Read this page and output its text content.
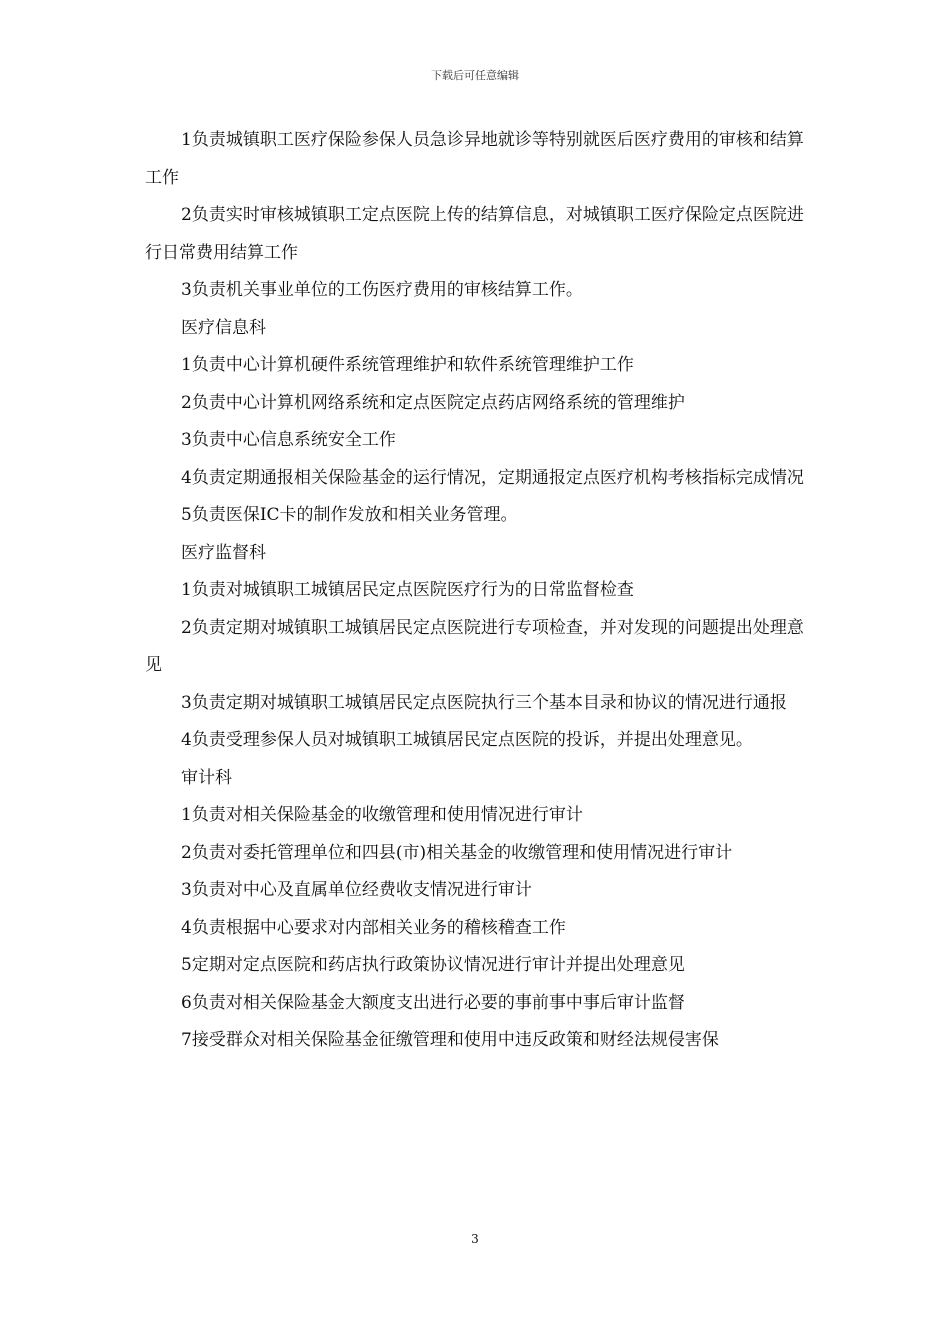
下载后可任意编辑

1负责城镇职工医疗保险参保人员急诊异地就诊等特别就医后医疗费用的审核和结算工作

2负责实时审核城镇职工定点医院上传的结算信息，对城镇职工医疗保险定点医院进行日常费用结算工作

3负责机关事业单位的工伤医疗费用的审核结算工作。

医疗信息科

1负责中心计算机硬件系统管理维护和软件系统管理维护工作

2负责中心计算机网络系统和定点医院定点药店网络系统的管理维护

3负责中心信息系统安全工作

4负责定期通报相关保险基金的运行情况，定期通报定点医疗机构考核指标完成情况

5负责医保IC卡的制作发放和相关业务管理。

医疗监督科

1负责对城镇职工城镇居民定点医院医疗行为的日常监督检查

2负责定期对城镇职工城镇居民定点医院进行专项检查，并对发现的问题提出处理意见

3负责定期对城镇职工城镇居民定点医院执行三个基本目录和协议的情况进行通报

4负责受理参保人员对城镇职工城镇居民定点医院的投诉，并提出处理意见。

审计科

1负责对相关保险基金的收缴管理和使用情况进行审计

2负责对委托管理单位和四县(市)相关基金的收缴管理和使用情况进行审计

3负责对中心及直属单位经费收支情况进行审计

4负责根据中心要求对内部相关业务的稽核稽查工作

5定期对定点医院和药店执行政策协议情况进行审计并提出处理意见

6负责对相关保险基金大额度支出进行必要的事前事中事后审计监督

7接受群众对相关保险基金征缴管理和使用中违反政策和财经法规侵害保

3
